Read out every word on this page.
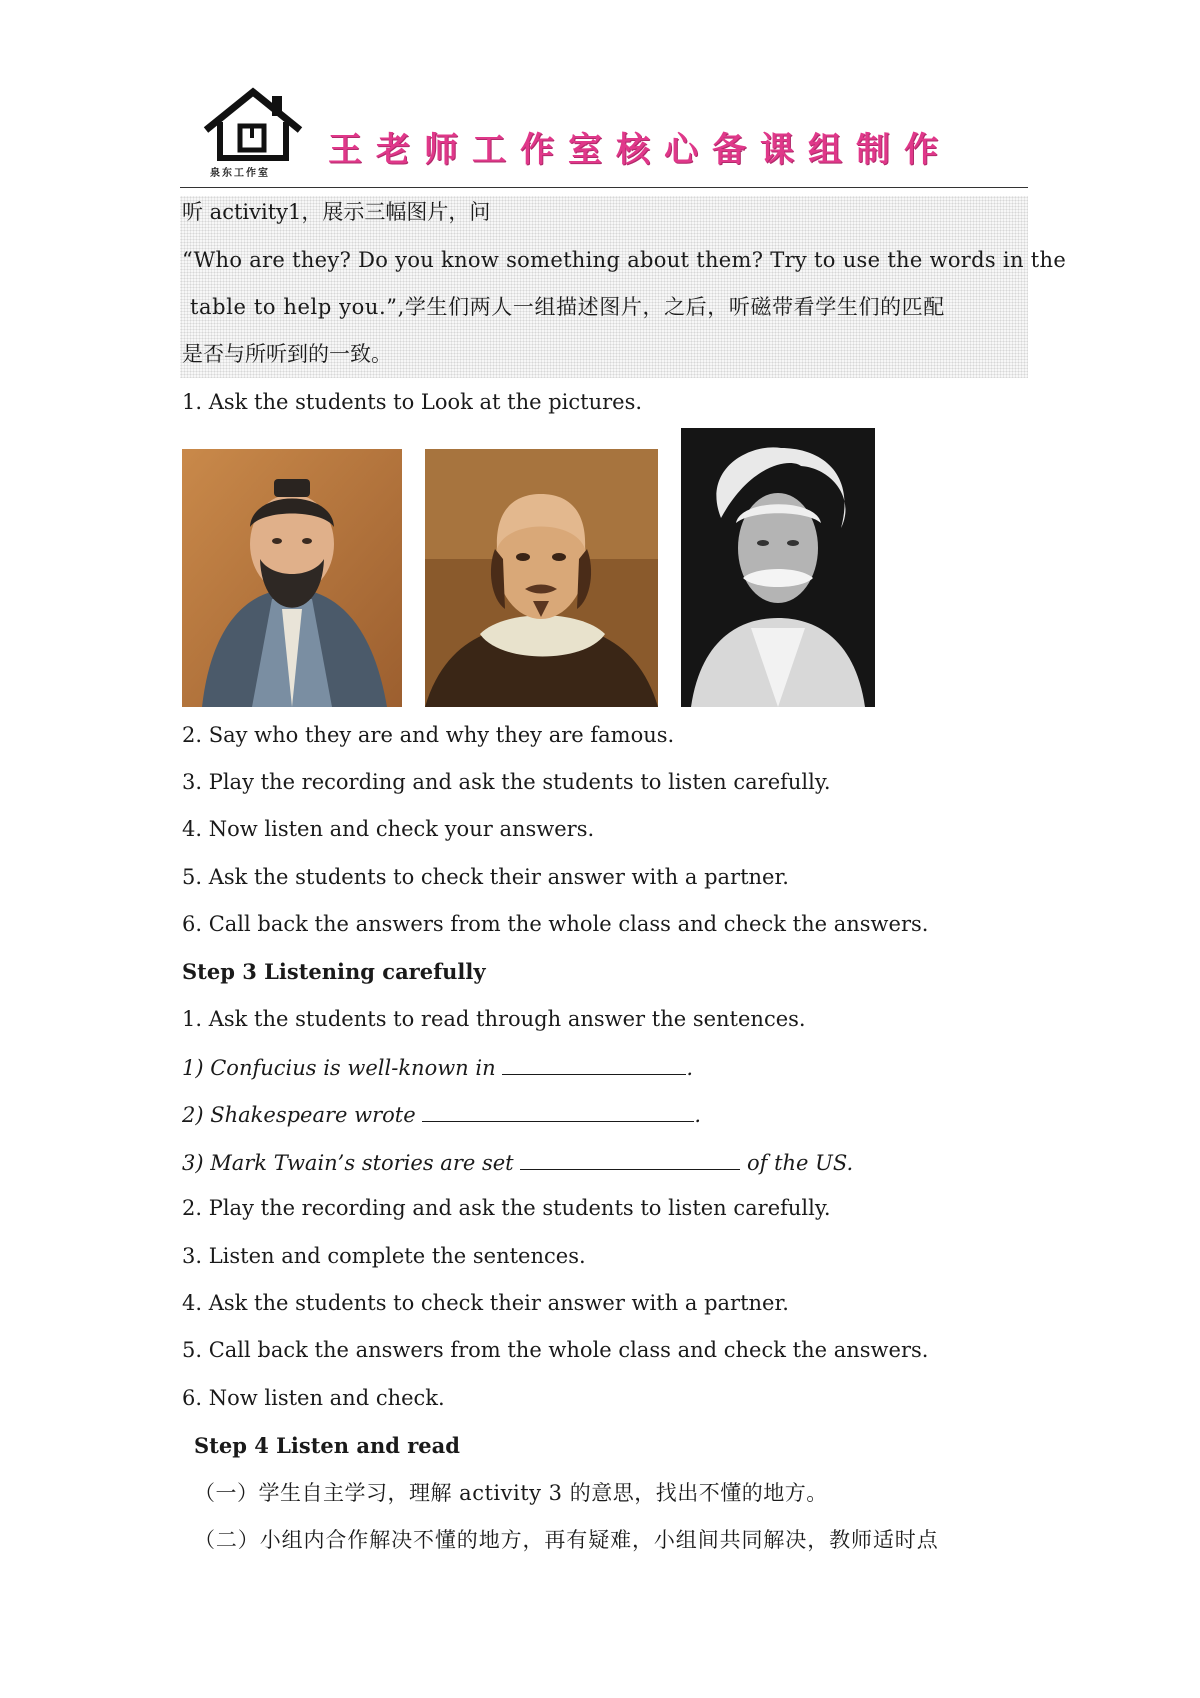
泉东工作室
王老师工作室核心备课组制作
听 activity1，展示三幅图片，问
“Who are they? Do you know something about them? Try to use the words in the
table to help you.”,学生们两人一组描述图片，之后，听磁带看学生们的匹配
是否与所听到的一致。
1. Ask the students to Look at the pictures.
2. Say who they are and why they are famous.
3. Play the recording and ask the students to listen carefully.
4. Now listen and check your answers.
5. Ask the students to check their answer with a partner.
6. Call back the answers from the whole class and check the answers.
Step 3 Listening carefully
1. Ask the students to read through answer the sentences.
1) Confucius is well-known in	.
2) Shakespeare wrote	.
3) Mark Twain’s stories are set	of the US.
2. Play the recording and ask the students to listen carefully.
3. Listen and complete the sentences.
4. Ask the students to check their answer with a partner.
5. Call back the answers from the whole class and check the answers.
6. Now listen and check.
Step 4 Listen and read
（一）学生自主学习，理解 activity 3 的意思，找出不懂的地方。
（二）小组内合作解决不懂的地方，再有疑难，小组间共同解决，教师适时点
